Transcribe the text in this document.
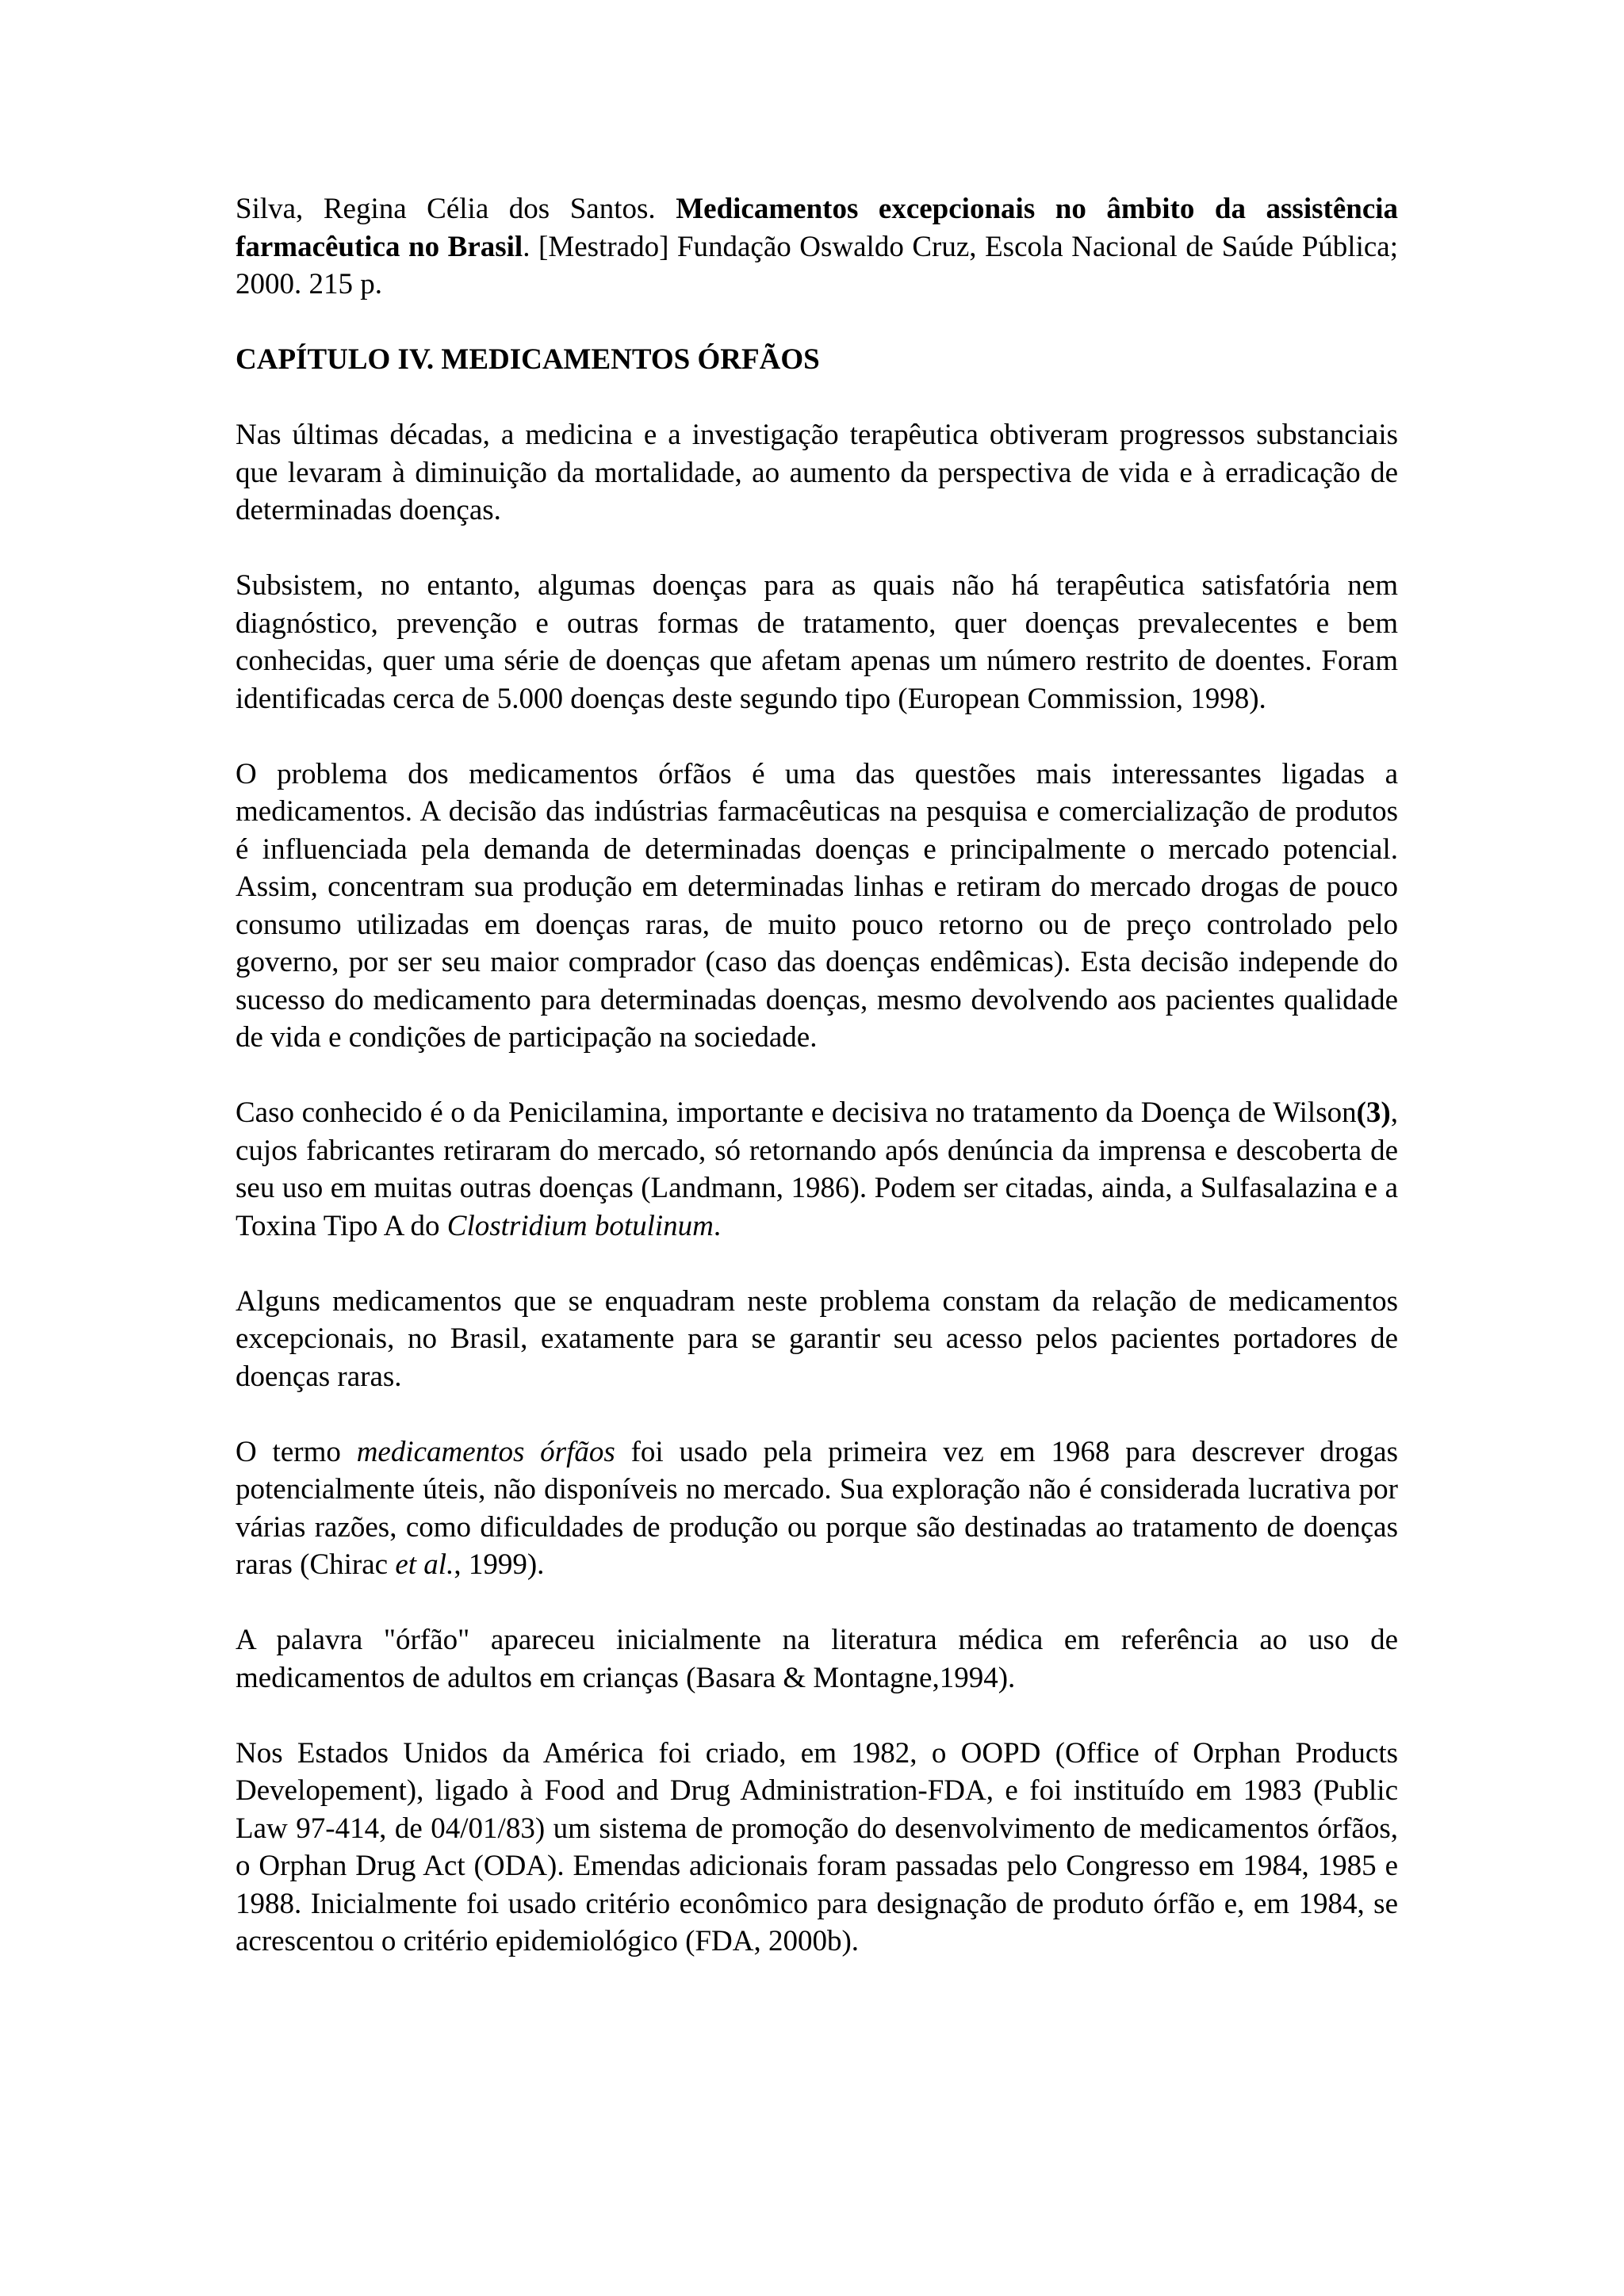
Silva, Regina Célia dos Santos. Medicamentos excepcionais no âmbito da assistência farmacêutica no Brasil. [Mestrado] Fundação Oswaldo Cruz, Escola Nacional de Saúde Pública; 2000. 215 p.

CAPÍTULO IV. MEDICAMENTOS ÓRFÃOS

Nas últimas décadas, a medicina e a investigação terapêutica obtiveram progressos substanciais que levaram à diminuição da mortalidade, ao aumento da perspectiva de vida e à erradicação de determinadas doenças.

Subsistem, no entanto, algumas doenças para as quais não há terapêutica satisfatória nem diagnóstico, prevenção e outras formas de tratamento, quer doenças prevalecentes e bem conhecidas, quer uma série de doenças que afetam apenas um número restrito de doentes. Foram identificadas cerca de 5.000 doenças deste segundo tipo (European Commission, 1998).

O problema dos medicamentos órfãos é uma das questões mais interessantes ligadas a medicamentos. A decisão das indústrias farmacêuticas na pesquisa e comercialização de produtos é influenciada pela demanda de determinadas doenças e principalmente o mercado potencial. Assim, concentram sua produção em determinadas linhas e retiram do mercado drogas de pouco consumo utilizadas em doenças raras, de muito pouco retorno ou de preço controlado pelo governo, por ser seu maior comprador (caso das doenças endêmicas). Esta decisão independe do sucesso do medicamento para determinadas doenças, mesmo devolvendo aos pacientes qualidade de vida e condições de participação na sociedade.

Caso conhecido é o da Penicilamina, importante e decisiva no tratamento da Doença de Wilson(3), cujos fabricantes retiraram do mercado, só retornando após denúncia da imprensa e descoberta de seu uso em muitas outras doenças (Landmann, 1986). Podem ser citadas, ainda, a Sulfasalazina e a Toxina Tipo A do Clostridium botulinum.

Alguns medicamentos que se enquadram neste problema constam da relação de medicamentos excepcionais, no Brasil, exatamente para se garantir seu acesso pelos pacientes portadores de doenças raras.

O termo medicamentos órfãos foi usado pela primeira vez em 1968 para descrever drogas potencialmente úteis, não disponíveis no mercado. Sua exploração não é considerada lucrativa por várias razões, como dificuldades de produção ou porque são destinadas ao tratamento de doenças raras (Chirac et al., 1999).

A palavra "órfão" apareceu inicialmente na literatura médica em referência ao uso de medicamentos de adultos em crianças (Basara & Montagne,1994).

Nos Estados Unidos da América foi criado, em 1982, o OOPD (Office of Orphan Products Developement), ligado à Food and Drug Administration-FDA, e foi instituído em 1983 (Public Law 97-414, de 04/01/83) um sistema de promoção do desenvolvimento de medicamentos órfãos, o Orphan Drug Act (ODA). Emendas adicionais foram passadas pelo Congresso em 1984, 1985 e 1988. Inicialmente foi usado critério econômico para designação de produto órfão e, em 1984, se acrescentou o critério epidemiológico (FDA, 2000b).
